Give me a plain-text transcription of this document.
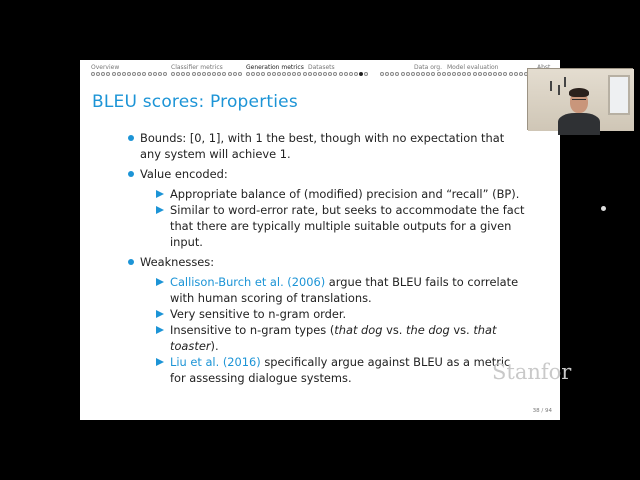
Overview	Classifier metrics	Generation metrics Datasets	Data org. Model evaluation
BLEU scores: Properties
Bounds: [0, 1], with 1 the best, though with no expectation that any system will achieve 1.
Value encoded:
Appropriate balance of (modified) precision and “recall” (BP).
Similar to word-error rate, but seeks to accommodate the fact that there are typically multiple suitable outputs for a given input.
Weaknesses:
Callison-Burch et al. (2006) argue that BLEU fails to correlate with human scoring of translations.
Very sensitive to n-gram order.
Insensitive to n-gram types (that dog vs. the dog vs. that toaster).
Liu et al. (2016) specifically argue against BLEU as a metric for assessing dialogue systems.	Stanfor
38 / 94
